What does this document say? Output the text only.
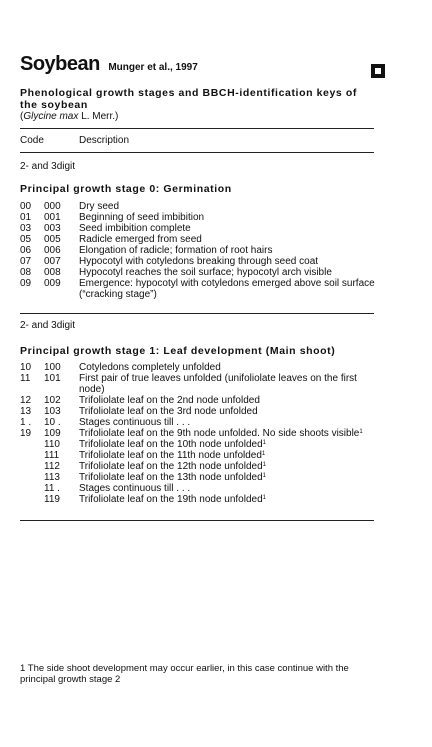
Soybean Munger et al., 1997
Phenological growth stages and BBCH-identification keys of the soybean
(Glycine max L. Merr.)
Code	Description
2- and 3digit
Principal growth stage 0: Germination
00	000	Dry seed
01	001	Beginning of seed imbibition
03	003	Seed imbibition complete
05	005	Radicle emerged from seed
06	006	Elongation of radicle; formation of root hairs
07	007	Hypocotyl with cotyledons breaking through seed coat
08	008	Hypocotyl reaches the soil surface; hypocotyl arch visible
09	009	Emergence: hypocotyl with cotyledons emerged above soil surface (“cracking stage”)
2- and 3digit
Principal growth stage 1: Leaf development (Main shoot)
10	100	Cotyledons completely unfolded
11	101	First pair of true leaves unfolded (unifoliolate leaves on the first node)
12	102	Trifoliolate leaf on the 2nd node unfolded
13	103	Trifoliolate leaf on the 3rd node unfolded
1 .	10 .	Stages continuous till . . .
19	109	Trifoliolate leaf on the 9th node unfolded. No side shoots visible$^1$
	110	Trifoliolate leaf on the 10th node unfolded$^1$
	111	Trifoliolate leaf on the 11th node unfolded$^1$
	112	Trifoliolate leaf on the 12th node unfolded$^1$
	113	Trifoliolate leaf on the 13th node unfolded$^1$
	11 .	Stages continuous till . . .
	119	Trifoliolate leaf on the 19th node unfolded$^1$
1 The side shoot development may occur earlier, in this case continue with the principal growth stage 2
